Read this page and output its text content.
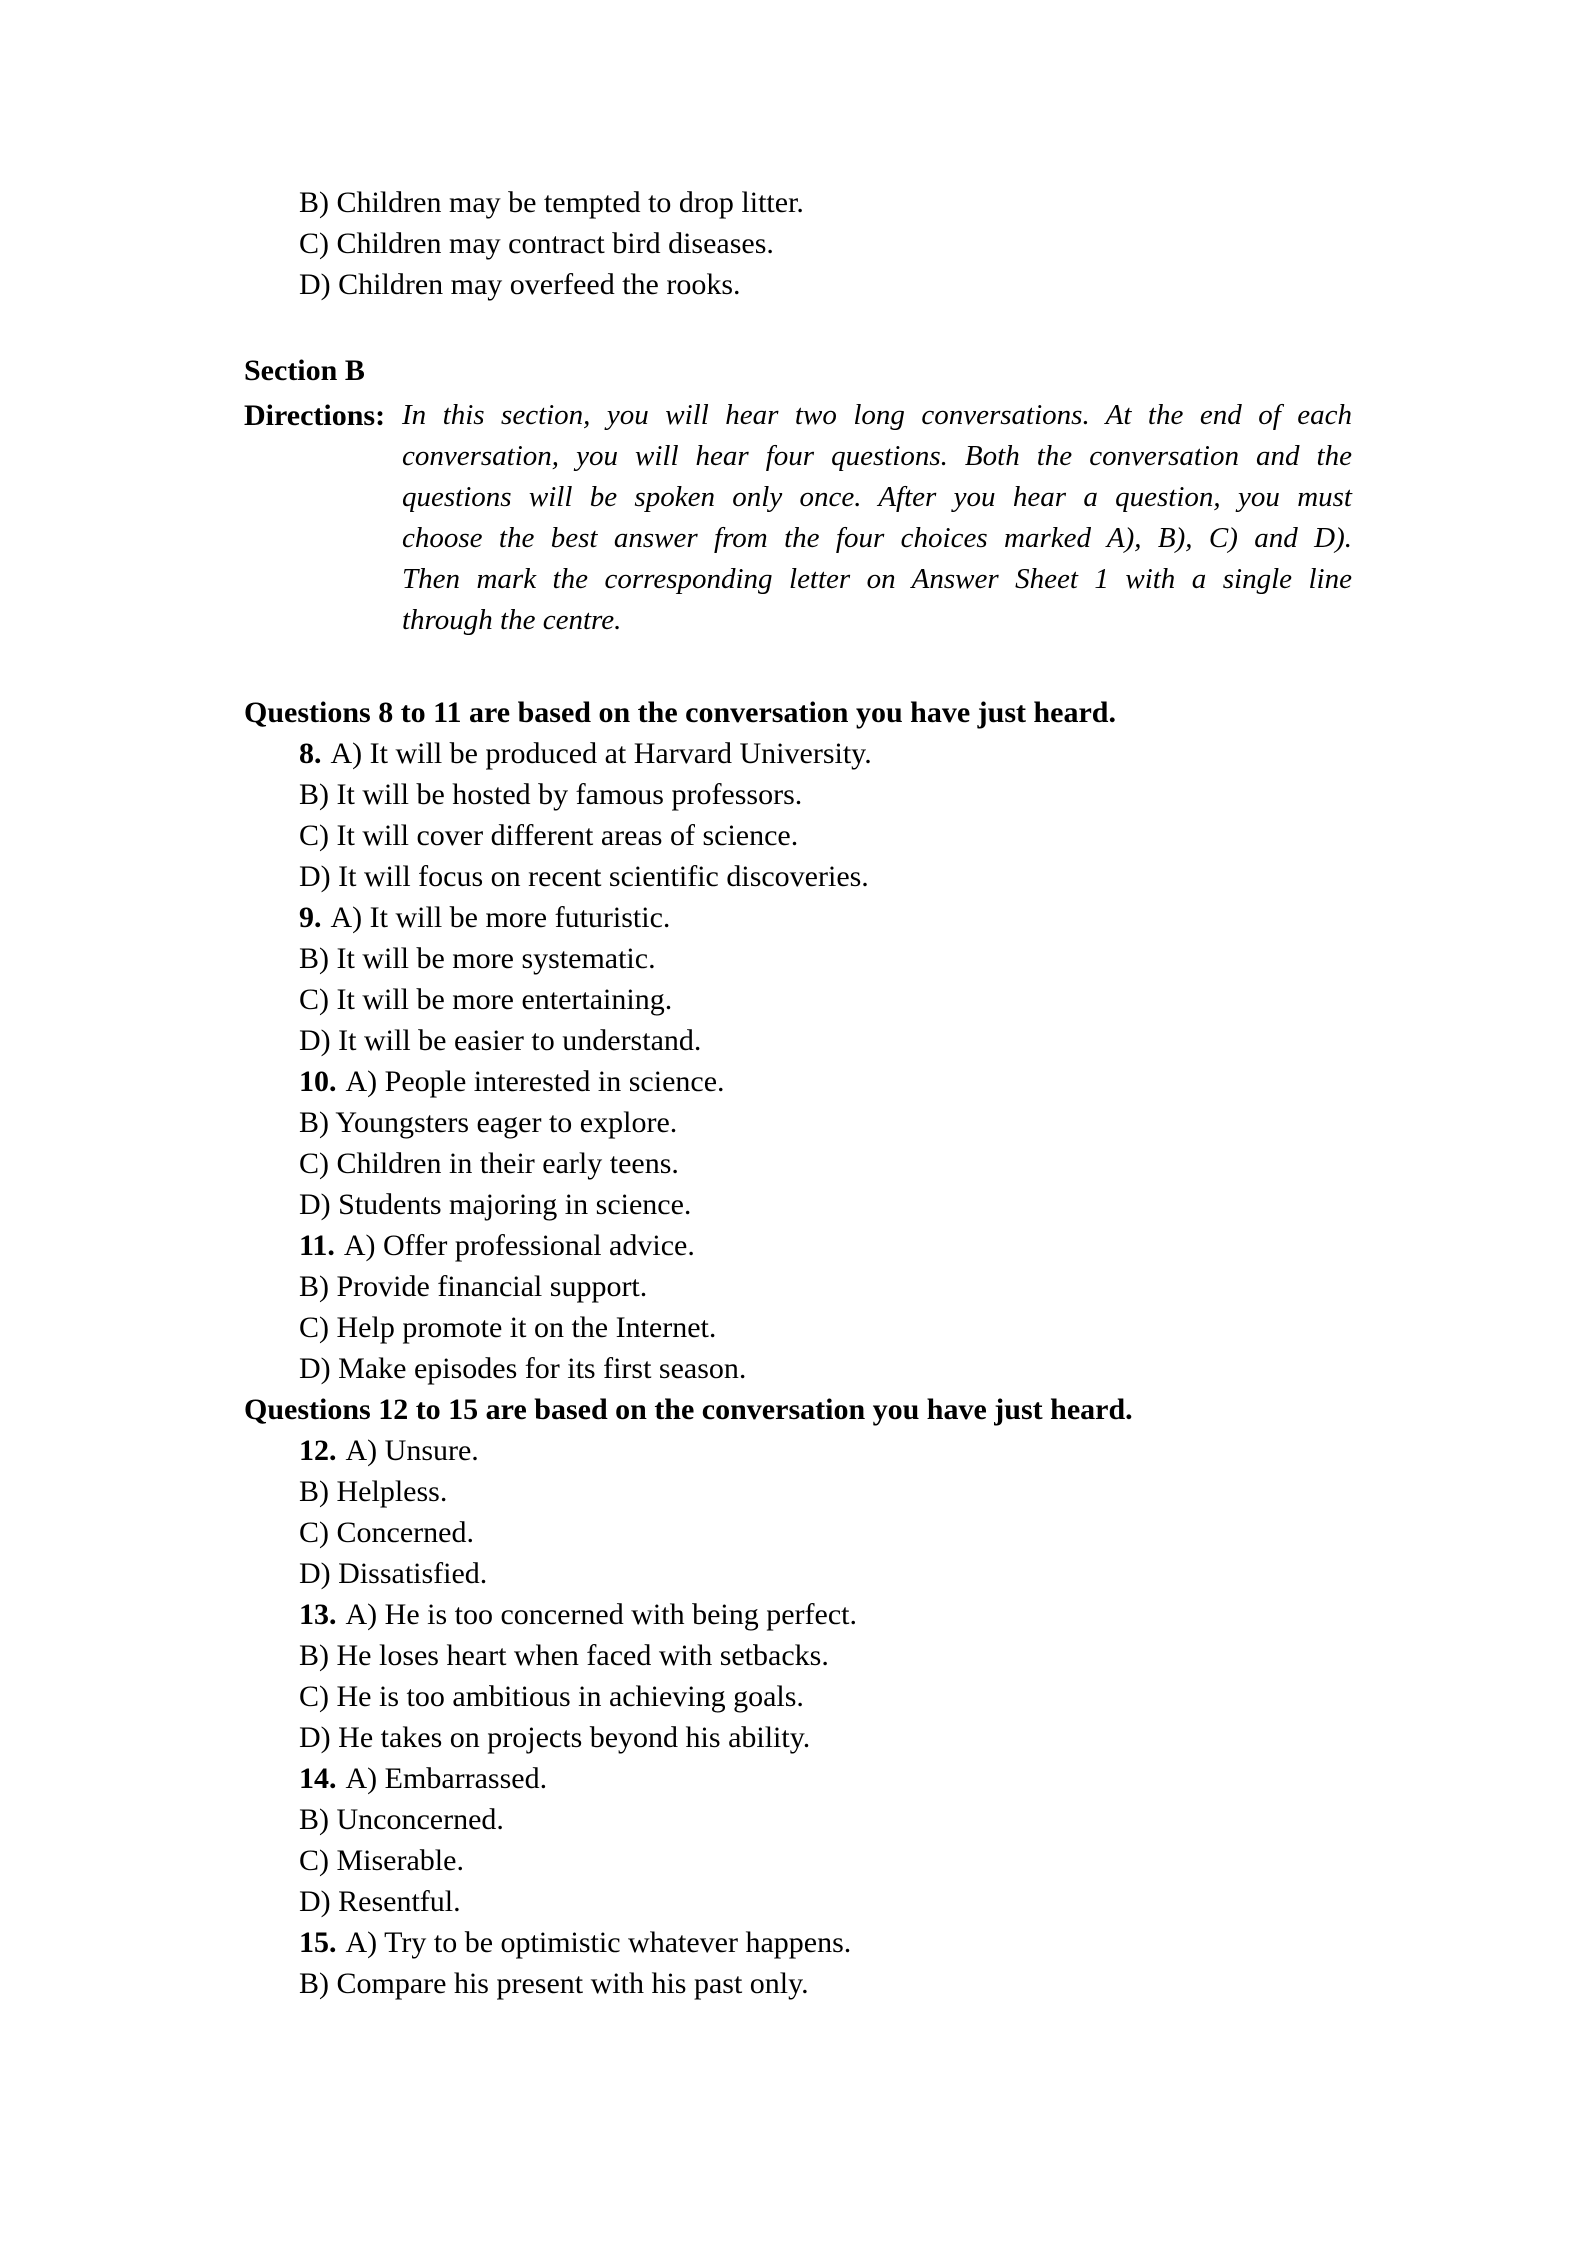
B) Children may be tempted to drop litter.
C) Children may contract bird diseases.
D) Children may overfeed the rooks.
Section B
Directions: In this section, you will hear two long conversations. At the end of each
conversation, you will hear four questions. Both the conversation and the
questions will be spoken only once. After you hear a question, you must
choose the best answer from the four choices marked A), B), C) and D).
Then mark the corresponding letter on Answer Sheet 1 with a single line
through the centre.
Questions 8 to 11 are based on the conversation you have just heard.
8. A) It will be produced at Harvard University.
B) It will be hosted by famous professors.
C) It will cover different areas of science.
D) It will focus on recent scientific discoveries.
9. A) It will be more futuristic.
B) It will be more systematic.
C) It will be more entertaining.
D) It will be easier to understand.
10. A) People interested in science.
B) Youngsters eager to explore.
C) Children in their early teens.
D) Students majoring in science.
11. A) Offer professional advice.
B) Provide financial support.
C) Help promote it on the Internet.
D) Make episodes for its first season.
Questions 12 to 15 are based on the conversation you have just heard.
12. A) Unsure.
B) Helpless.
C) Concerned.
D) Dissatisfied.
13. A) He is too concerned with being perfect.
B) He loses heart when faced with setbacks.
C) He is too ambitious in achieving goals.
D) He takes on projects beyond his ability.
14. A) Embarrassed.
B) Unconcerned.
C) Miserable.
D) Resentful.
15. A) Try to be optimistic whatever happens.
B) Compare his present with his past only.
